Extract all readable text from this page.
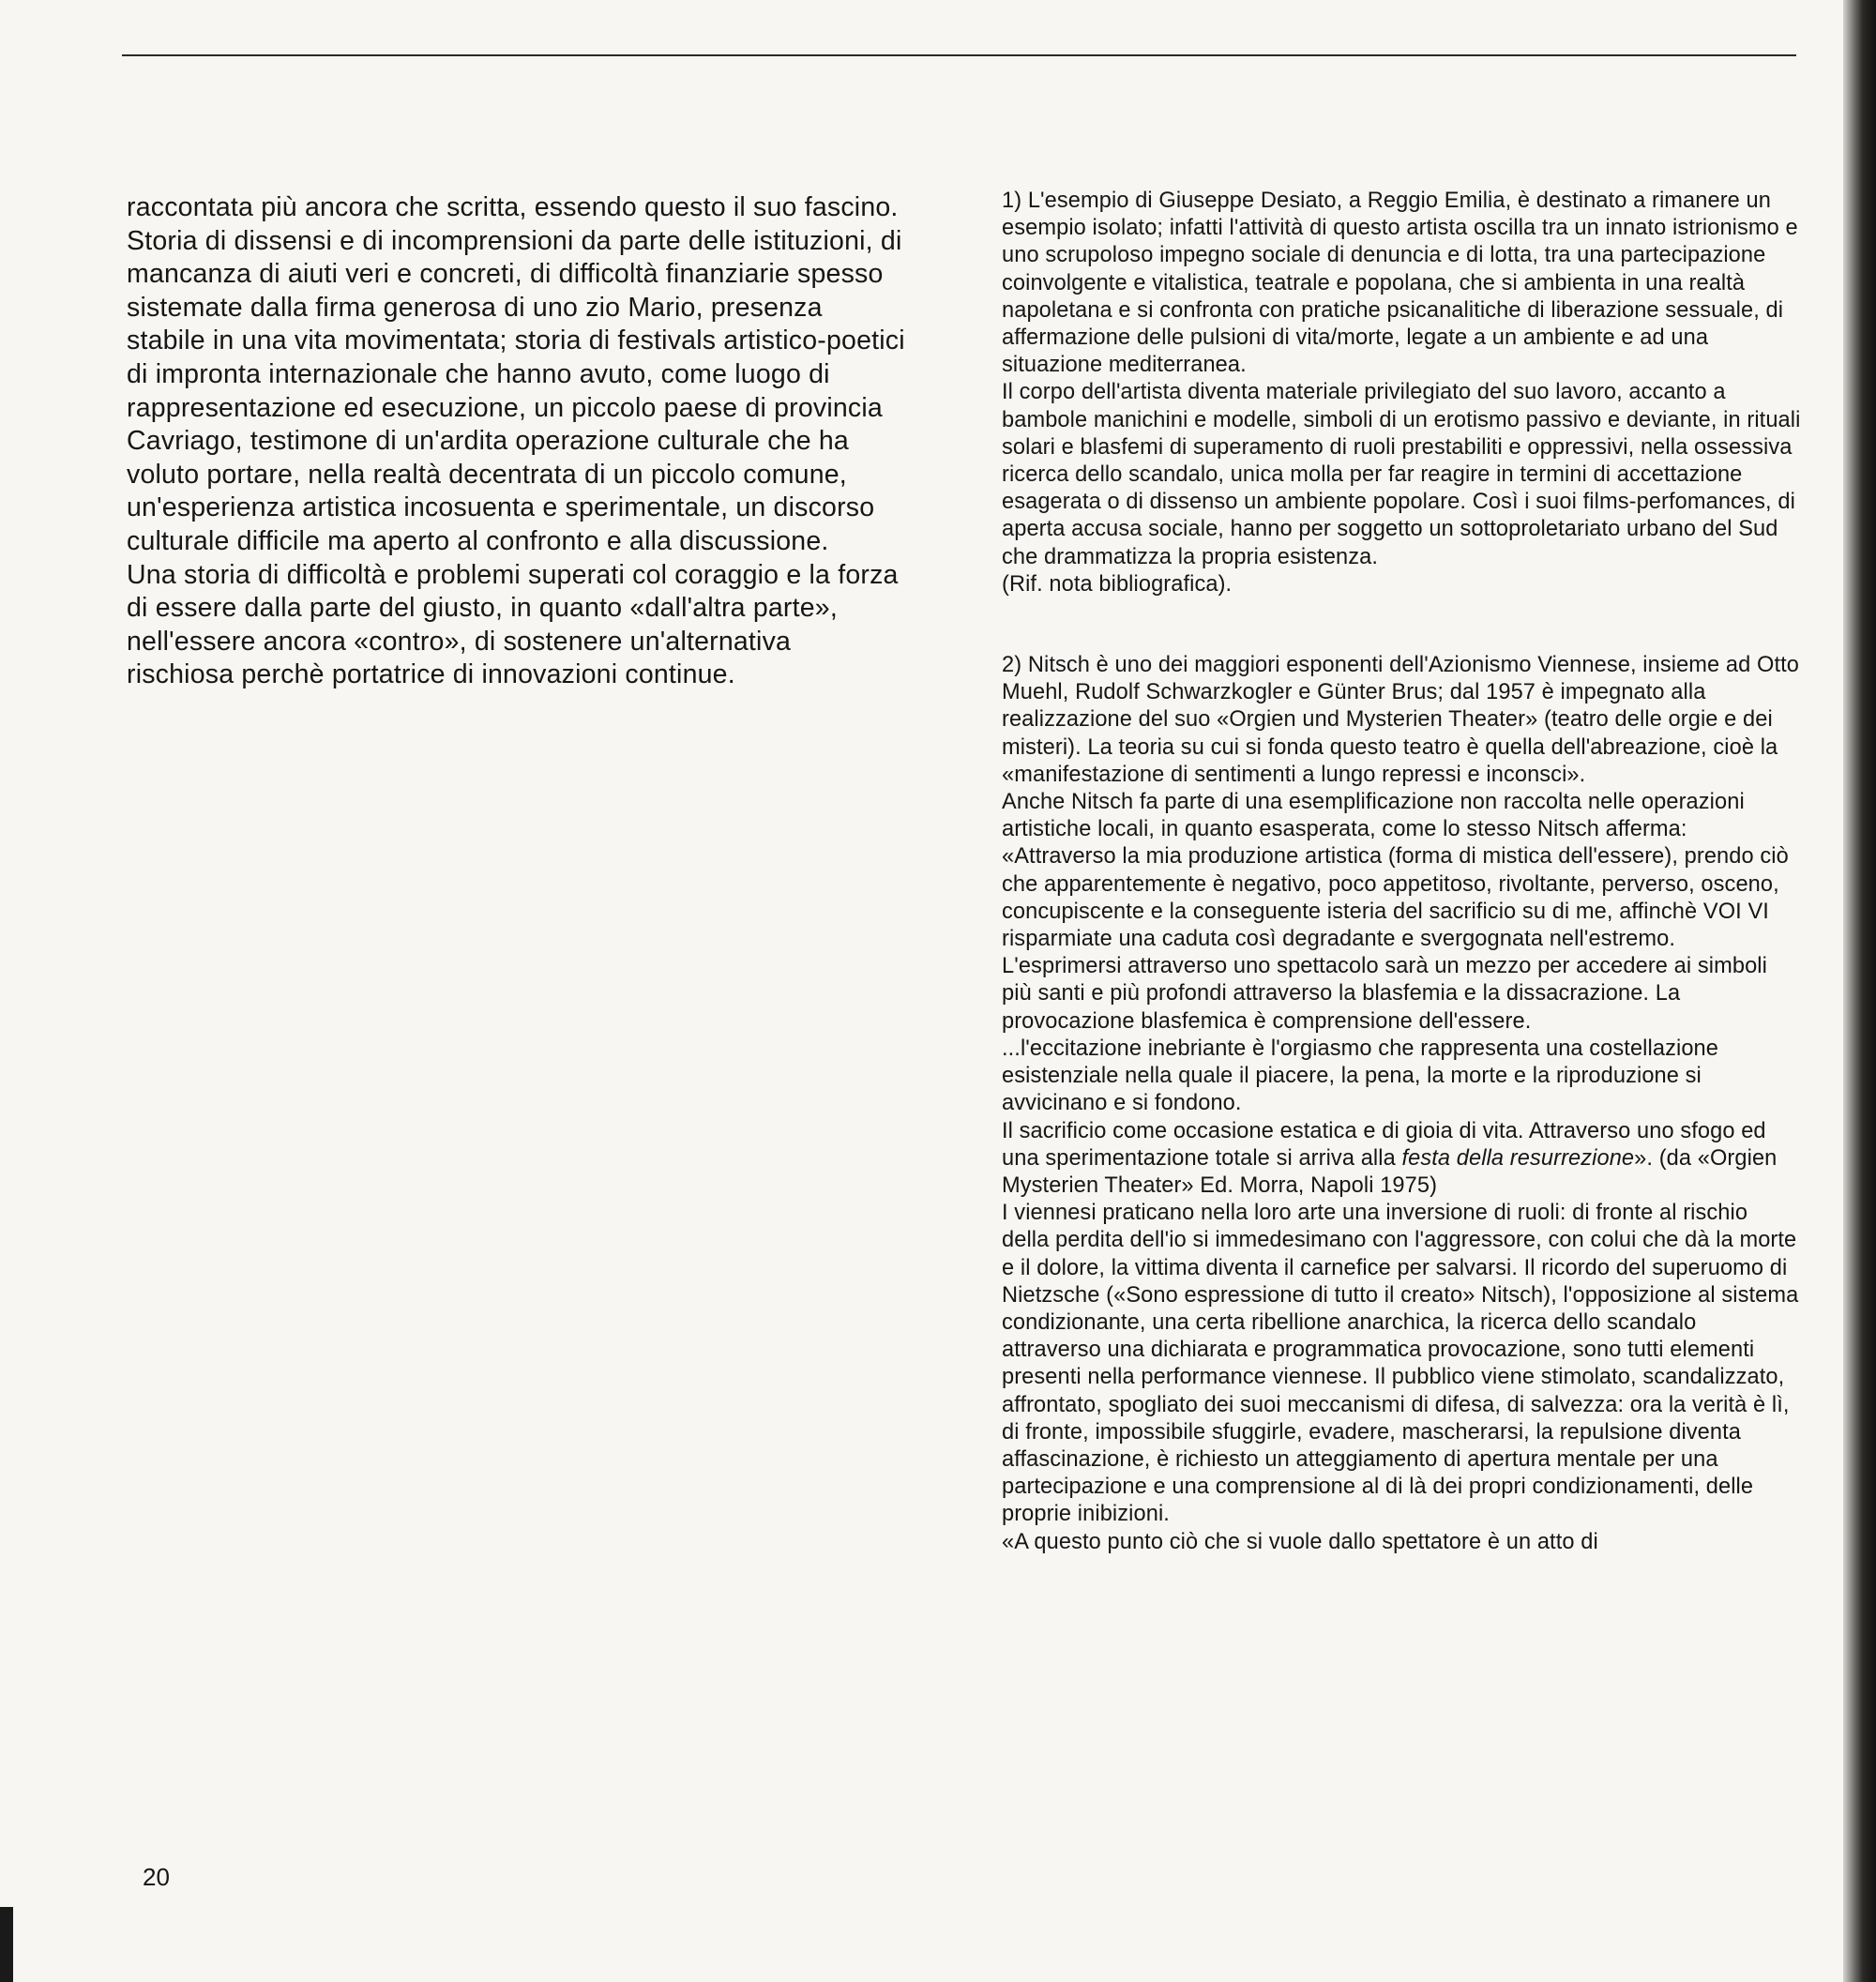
raccontata più ancora che scritta, essendo questo il suo fascino.

Storia di dissensi e di incomprensioni da parte delle istituzioni, di mancanza di aiuti veri e concreti, di difficoltà finanziarie spesso sistemate dalla firma generosa di uno zio Mario, presenza stabile in una vita movimentata; storia di festivals artistico-poetici di impronta internazionale che hanno avuto, come luogo di rappresentazione ed esecuzione, un piccolo paese di provincia Cavriago, testimone di un'ardita operazione culturale che ha voluto portare, nella realtà decentrata di un piccolo comune, un'esperienza artistica incosuenta e sperimentale, un discorso culturale difficile ma aperto al confronto e alla discussione.

Una storia di difficoltà e problemi superati col coraggio e la forza di essere dalla parte del giusto, in quanto «dall'altra parte», nell'essere ancora «contro», di sostenere un'alternativa rischiosa perchè portatrice di innovazioni continue.

1) L'esempio di Giuseppe Desiato, a Reggio Emilia, è destinato a rimanere un esempio isolato; infatti l'attività di questo artista oscilla tra un innato istrionismo e uno scrupoloso impegno sociale di denuncia e di lotta, tra una partecipazione coinvolgente e vitalistica, teatrale e popolana, che si ambienta in una realtà napoletana e si confronta con pratiche psicanalitiche di liberazione sessuale, di affermazione delle pulsioni di vita/morte, legate a un ambiente e ad una situazione mediterranea.

Il corpo dell'artista diventa materiale privilegiato del suo lavoro, accanto a bambole manichini e modelle, simboli di un erotismo passivo e deviante, in rituali solari e blasfemi di superamento di ruoli prestabiliti e oppressivi, nella ossessiva ricerca dello scandalo, unica molla per far reagire in termini di accettazione esagerata o di dissenso un ambiente popolare. Così i suoi films-perfomances, di aperta accusa sociale, hanno per soggetto un sottoproletariato urbano del Sud che drammatizza la propria esistenza.

(Rif. nota bibliografica).

2) Nitsch è uno dei maggiori esponenti dell'Azionismo Viennese, insieme ad Otto Muehl, Rudolf Schwarzkogler e Günter Brus; dal 1957 è impegnato alla realizzazione del suo «Orgien und Mysterien Theater» (teatro delle orgie e dei misteri). La teoria su cui si fonda questo teatro è quella dell'abreazione, cioè la «manifestazione di sentimenti a lungo repressi e inconsci».

Anche Nitsch fa parte di una esemplificazione non raccolta nelle operazioni artistiche locali, in quanto esasperata, come lo stesso Nitsch afferma:

«Attraverso la mia produzione artistica (forma di mistica dell'essere), prendo ciò che apparentemente è negativo, poco appetitoso, rivoltante, perverso, osceno, concupiscente e la conseguente isteria del sacrificio su di me, affinchè VOI VI risparmiate una caduta così degradante e svergognata nell'estremo.

L'esprimersi attraverso uno spettacolo sarà un mezzo per accedere ai simboli più santi e più profondi attraverso la blasfemia e la dissacrazione. La provocazione blasfemica è comprensione dell'essere.

...l'eccitazione inebriante è l'orgiasmo che rappresenta una costellazione esistenziale nella quale il piacere, la pena, la morte e la riproduzione si avvicinano e si fondono.

Il sacrificio come occasione estatica e di gioia di vita. Attraverso uno sfogo ed una sperimentazione totale si arriva alla festa della resurrezione». (da «Orgien Mysterien Theater» Ed. Morra, Napoli 1975)

I viennesi praticano nella loro arte una inversione di ruoli: di fronte al rischio della perdita dell'io si immedesimano con l'aggressore, con colui che dà la morte e il dolore, la vittima diventa il carnefice per salvarsi. Il ricordo del superuomo di Nietzsche («Sono espressione di tutto il creato» Nitsch), l'opposizione al sistema condizionante, una certa ribellione anarchica, la ricerca dello scandalo attraverso una dichiarata e programmatica provocazione, sono tutti elementi presenti nella performance viennese. Il pubblico viene stimolato, scandalizzato, affrontato, spogliato dei suoi meccanismi di difesa, di salvezza: ora la verità è lì, di fronte, impossibile sfuggirle, evadere, mascherarsi, la repulsione diventa affascinazione, è richiesto un atteggiamento di apertura mentale per una partecipazione e una comprensione al di là dei propri condizionamenti, delle proprie inibizioni.

«A questo punto ciò che si vuole dallo spettatore è un atto di

20
